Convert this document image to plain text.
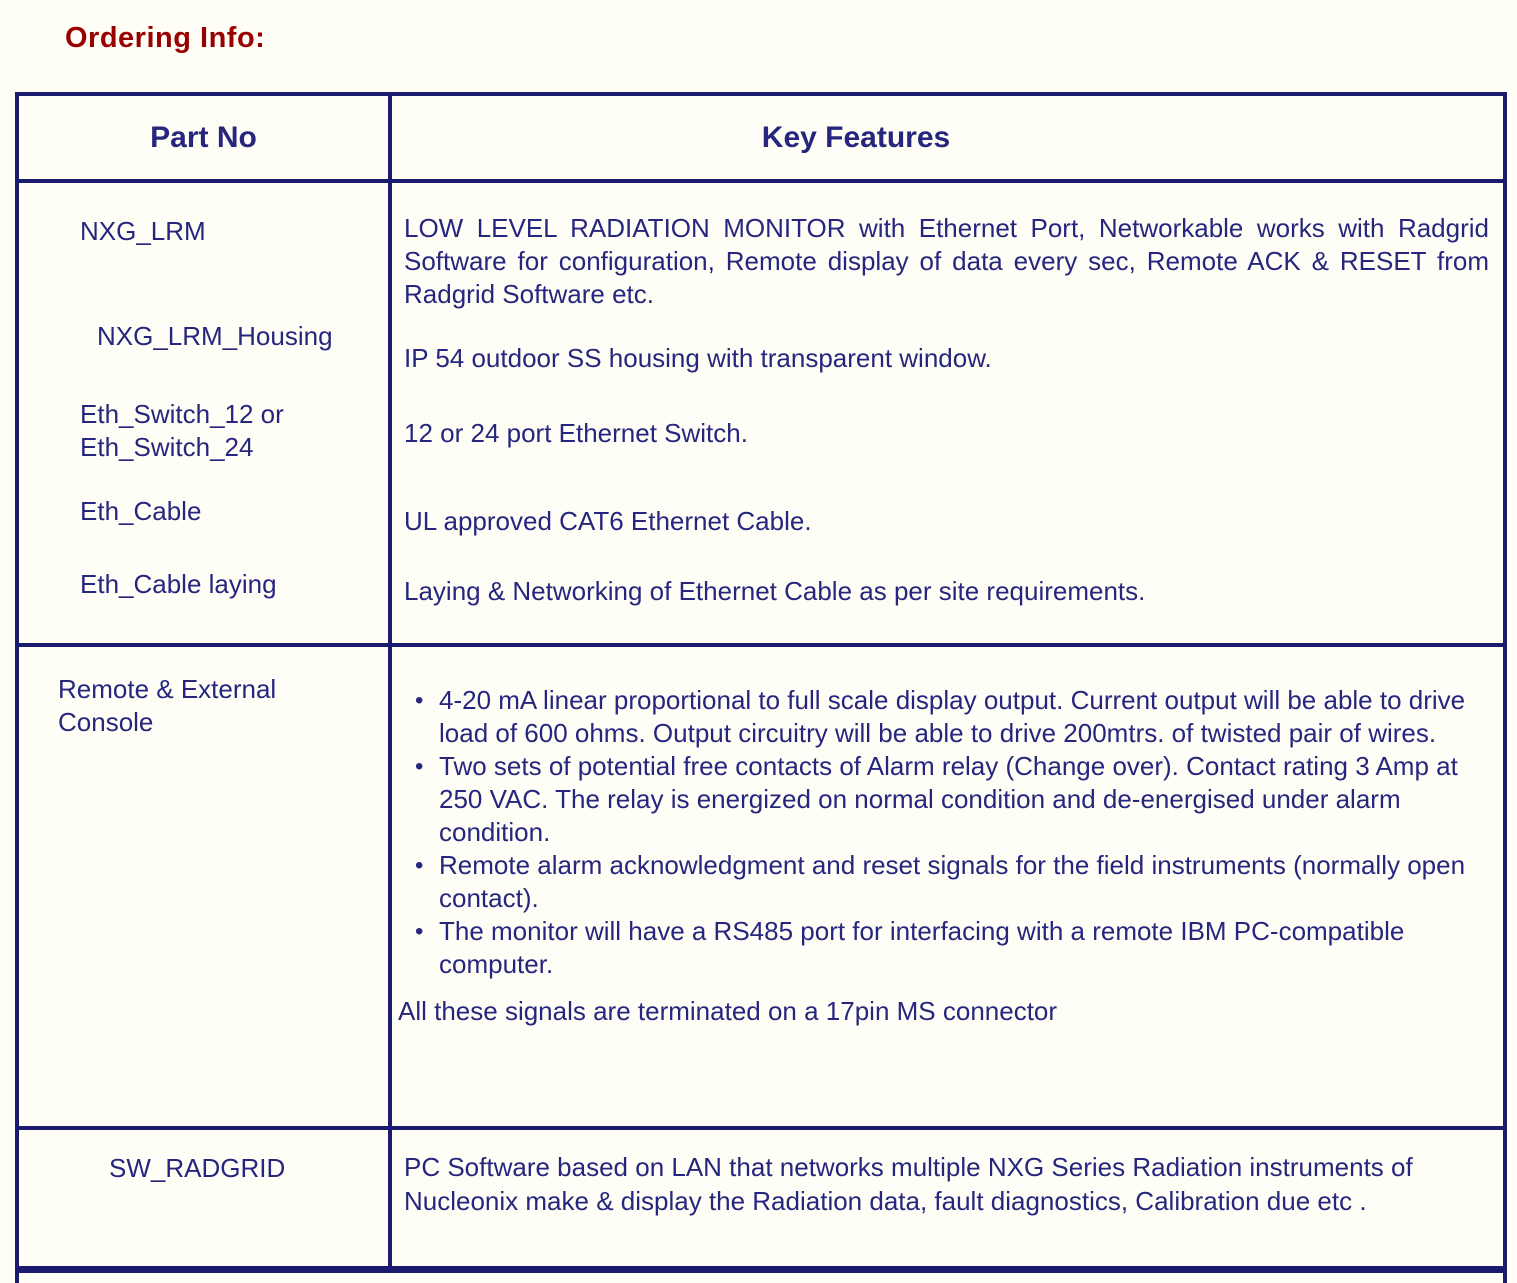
Ordering Info:
Part No	Key Features
NXG_LRM
NXG_LRM_Housing
Eth_Switch_12 or Eth_Switch_24
Eth_Cable
Eth_Cable laying
LOW LEVEL RADIATION MONITOR with Ethernet Port, Networkable works with Radgrid Software for configuration, Remote display of data every sec, Remote ACK & RESET from Radgrid Software etc.
IP 54 outdoor SS housing with transparent window.
12 or 24 port Ethernet Switch.
UL approved CAT6 Ethernet Cable.
Laying & Networking of Ethernet Cable as per site requirements.
Remote & External Console
• 4-20 mA linear proportional to full scale display output. Current output will be able to drive load of 600 ohms. Output circuitry will be able to drive 200mtrs. of twisted pair of wires.
• Two sets of potential free contacts of Alarm relay (Change over). Contact rating 3 Amp at 250 VAC. The relay is energized on normal condition and de-energised under alarm condition.
• Remote alarm acknowledgment and reset signals for the field instruments (normally open contact).
• The monitor will have a RS485 port for interfacing with a remote IBM PC-compatible computer.
All these signals are terminated on a 17pin MS connector
SW_RADGRID	PC Software based on LAN that networks multiple NXG Series Radiation instruments of Nucleonix make & display the Radiation data, fault diagnostics, Calibration due etc .
